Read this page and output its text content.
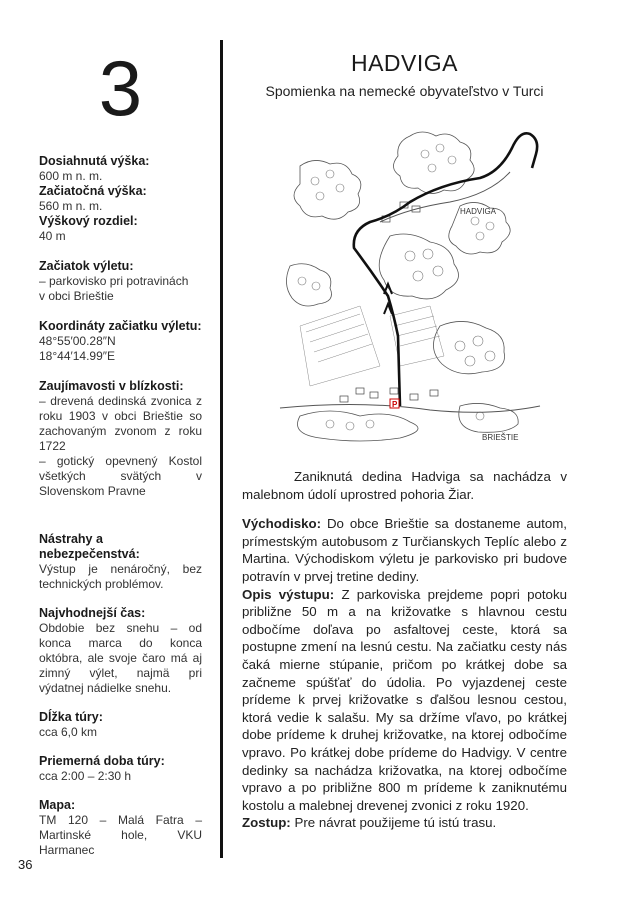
36
3
Dosiahnutá výška:
600 m n. m.
Začiatočná výška:
560 m n. m.
Výškový rozdiel:
40 m
Začiatok výletu:
– parkovisko pri potravinách
v obci Brieštie
Koordináty začiatku výletu:
48°55′00.28″N
18°44′14.99″E
Zaujímavosti v blízkosti:
– drevená dedinská zvonica z roku 1903 v obci Brieštie so zachovaným zvonom z roku 1722
– gotický opevnený Kostol všetkých svätých v Slovenskom Pravne
Nástrahy a nebezpečenstvá:
Výstup je nenáročný, bez technických problémov.
Najvhodnejší čas:
Obdobie bez snehu – od konca marca do konca októbra, ale svoje čaro má aj zimný výlet, najmä pri výdatnej nádielke snehu.
Dĺžka túry:
cca 6,0 km
Priemerná doba túry:
cca 2:00 – 2:30 h
Mapa:
TM 120 – Malá Fatra – Martinské hole, VKU Harmanec
HADVIGA
Spomienka na nemecké obyvateľstvo v Turci
P
HADVIGA
BRIEŠTIE
Zaniknutá dedina Hadviga sa nachádza v malebnom údolí uprostred pohoria Žiar.
Východisko: Do obce Brieštie sa dostaneme autom, prímestským autobusom z Turčianskych Teplíc alebo z Martina. Východiskom výletu je parkovisko pri budove potravín v prvej tretine dediny.
Opis výstupu: Z parkoviska prejdeme popri potoku približne 50 m a na križovatke s hlavnou cestu odbočíme doľava po asfaltovej ceste, ktorá sa postupne zmení na lesnú cestu. Na začiatku cesty nás čaká mierne stúpanie, pričom po krátkej dobe sa začneme spúšťať do údolia. Po vyjazdenej ceste prídeme k prvej križovatke s ďalšou lesnou cestou, ktorá vedie k salašu. My sa držíme vľavo, po krátkej dobe prídeme k druhej križovatke, na ktorej odbočíme vpravo. Po krátkej dobe prídeme do Hadvigy. V centre dedinky sa nachádza križovatka, na ktorej odbočíme vpravo a po približne 800 m prídeme k zaniknutému kostolu a malebnej drevenej zvonici z roku 1920.
Zostup: Pre návrat použijeme tú istú trasu.
